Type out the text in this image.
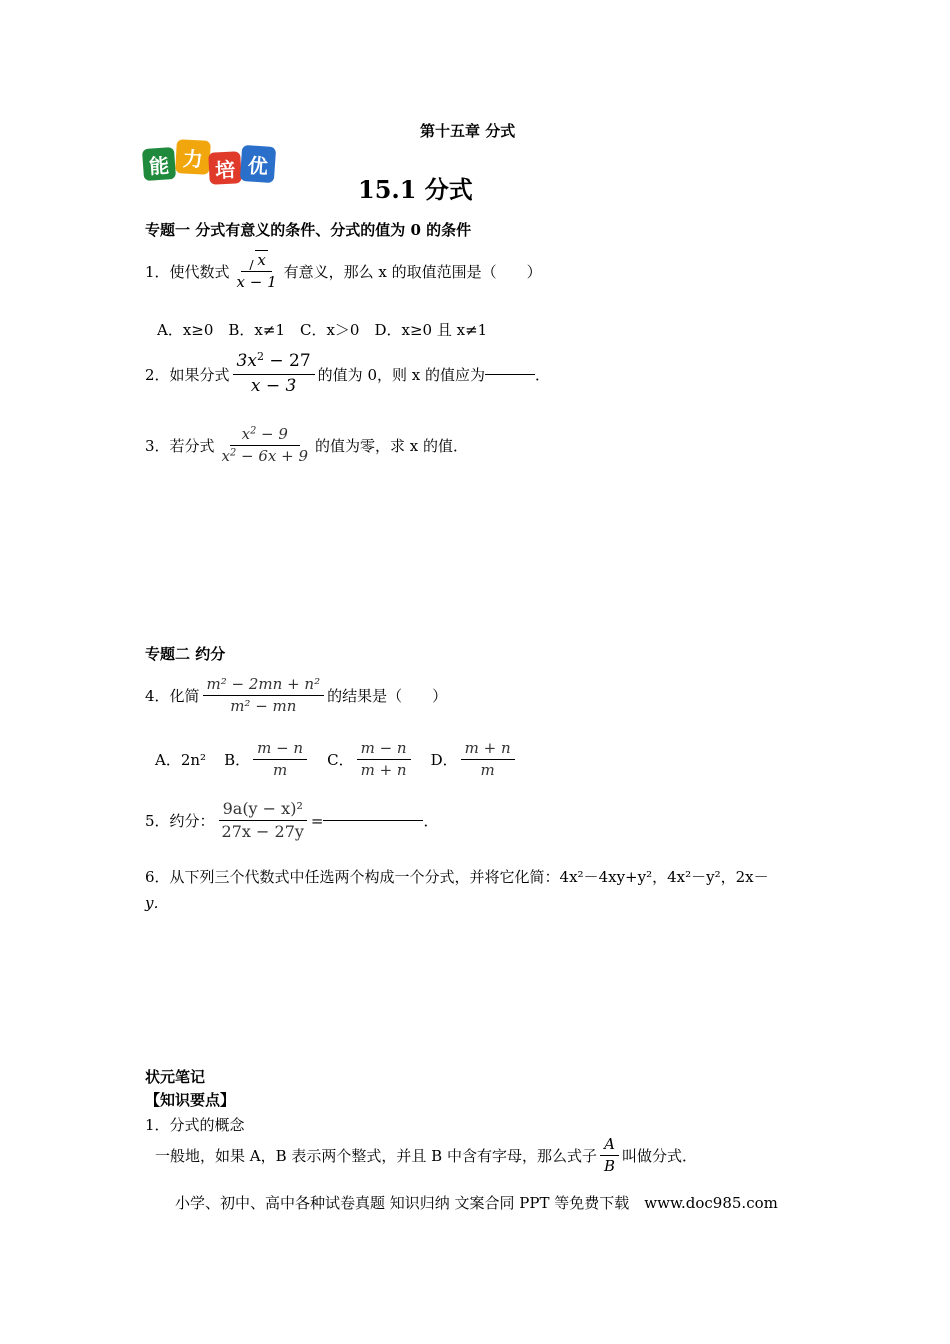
第十五章 分式
能 力 培 优
15.1 分式
专题一 分式有意义的条件、分式的值为 0 的条件
1．使代数式 $\frac{x}{x - 1}$ 有意义，那么 x 的取值范围是（　　）
A．x≥0　B．x≠1　C．x＞0　D．x≥0 且 x≠1
2．如果分式 $\frac{3x^2 - 27}{x - 3}$ 的值为 0，则 x 的值应为	．
3．若分式 $\frac{x^2 - 9}{x^2 - 6x + 9}$ 的值为零，求 x 的值．
专题二 约分
4．化简 $\frac{\text{m² − 2mn + n²}}{\text{m² − mn}}$ 的结果是（　　）
A．2n² B． $\frac{m - n}{m}$ C． $\frac{m - n}{m + n}$ D． $\frac{m + n}{m}$
5．约分： $\frac{\text{9a(y − x)²}}{27x - 27y}$ =	．
6．从下列三个代数式中任选两个构成一个分式，并将它化简：4x²－4xy+y²，4x²－y²，2x－
y．
状元笔记
【知识要点】
1．分式的概念
一般地，如果 A，B 表示两个整式，并且 B 中含有字母，那么式子 $\frac{A}{B}$ 叫做分式．
小学、初中、高中各种试卷真题 知识归纳 文案合同 PPT 等免费下载　www.doc985.com
